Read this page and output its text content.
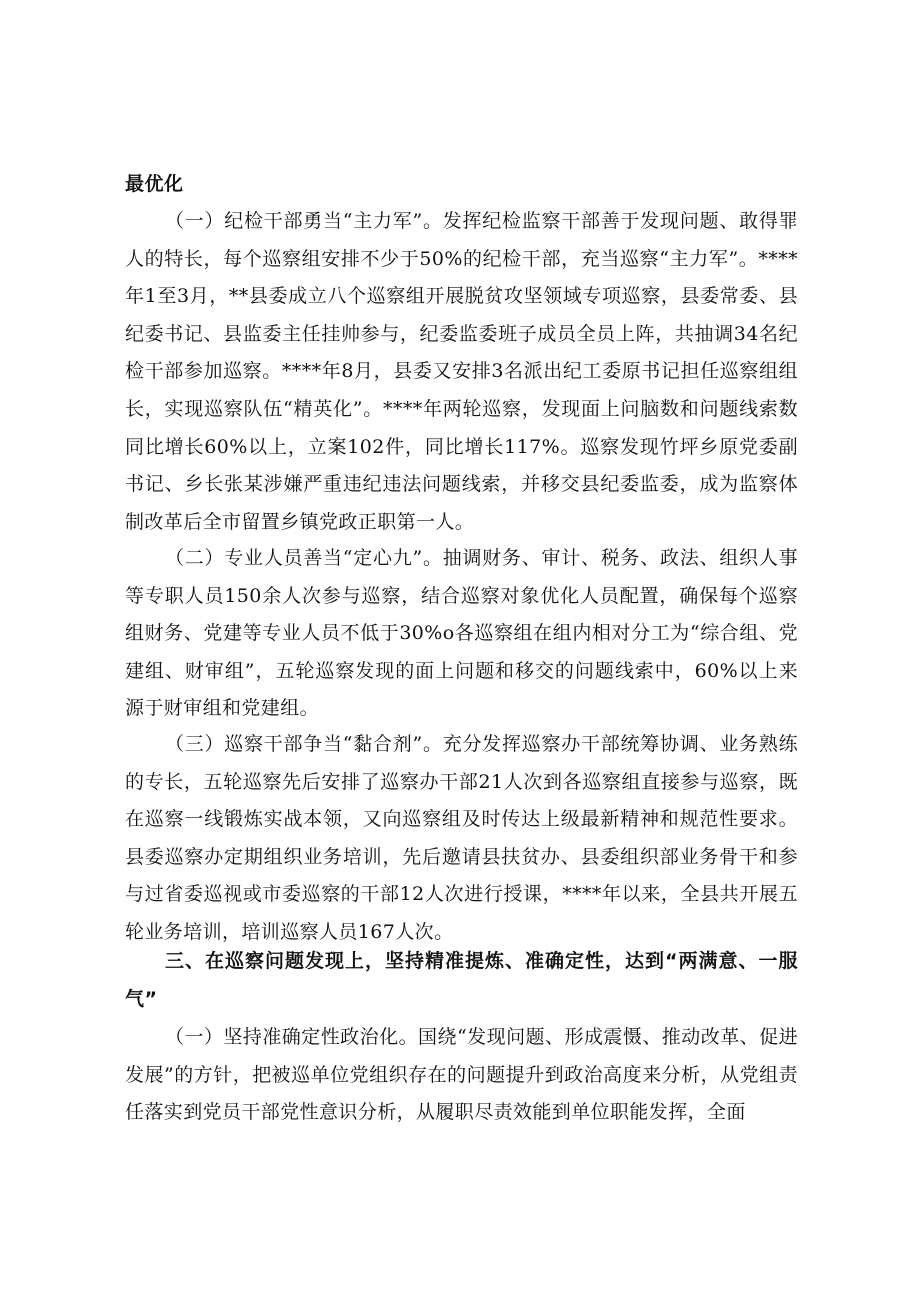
最优化

（一）纪检干部勇当“主力军”。发挥纪检监察干部善于发现问题、敢得罪人的特长，每个巡察组安排不少于50%的纪检干部，充当巡察“主力军”。****年1至3月，**县委成立八个巡察组开展脱贫攻坚领域专项巡察，县委常委、县纪委书记、县监委主任挂帅参与，纪委监委班子成员全员上阵，共抽调34名纪检干部参加巡察。****年8月，县委又安排3名派出纪工委原书记担任巡察组组长，实现巡察队伍“精英化”。****年两轮巡察，发现面上问脑数和问题线索数同比增长60%以上，立案102件，同比增长117%。巡察发现竹坪乡原党委副书记、乡长张某涉嫌严重违纪违法问题线索，并移交县纪委监委，成为监察体制改革后全市留置乡镇党政正职第一人。

（二）专业人员善当“定心九”。抽调财务、审计、税务、政法、组织人事等专职人员150余人次参与巡察，结合巡察对象优化人员配置，确保每个巡察组财务、党建等专业人员不低于30%o各巡察组在组内相对分工为“综合组、党建组、财审组”，五轮巡察发现的面上问题和移交的问题线索中，60%以上来源于财审组和党建组。

（三）巡察干部争当“黏合剂”。充分发挥巡察办干部统筹协调、业务熟练的专长，五轮巡察先后安排了巡察办干部21人次到各巡察组直接参与巡察，既在巡察一线锻炼实战本领，又向巡察组及时传达上级最新精神和规范性要求。县委巡察办定期组织业务培训，先后邀请县扶贫办、县委组织部业务骨干和参与过省委巡视或市委巡察的干部12人次进行授课，****年以来，全县共开展五轮业务培训，培训巡察人员167人次。

三、在巡察问题发现上，坚持精准提炼、准确定性，达到“两满意、一服气”

（一）坚持准确定性政治化。国绕“发现问题、形成震慑、推动改革、促进发展”的方针，把被巡单位党组织存在的问题提升到政治高度来分析，从党组责任落实到党员干部党性意识分析，从履职尽责效能到单位职能发挥，全面
